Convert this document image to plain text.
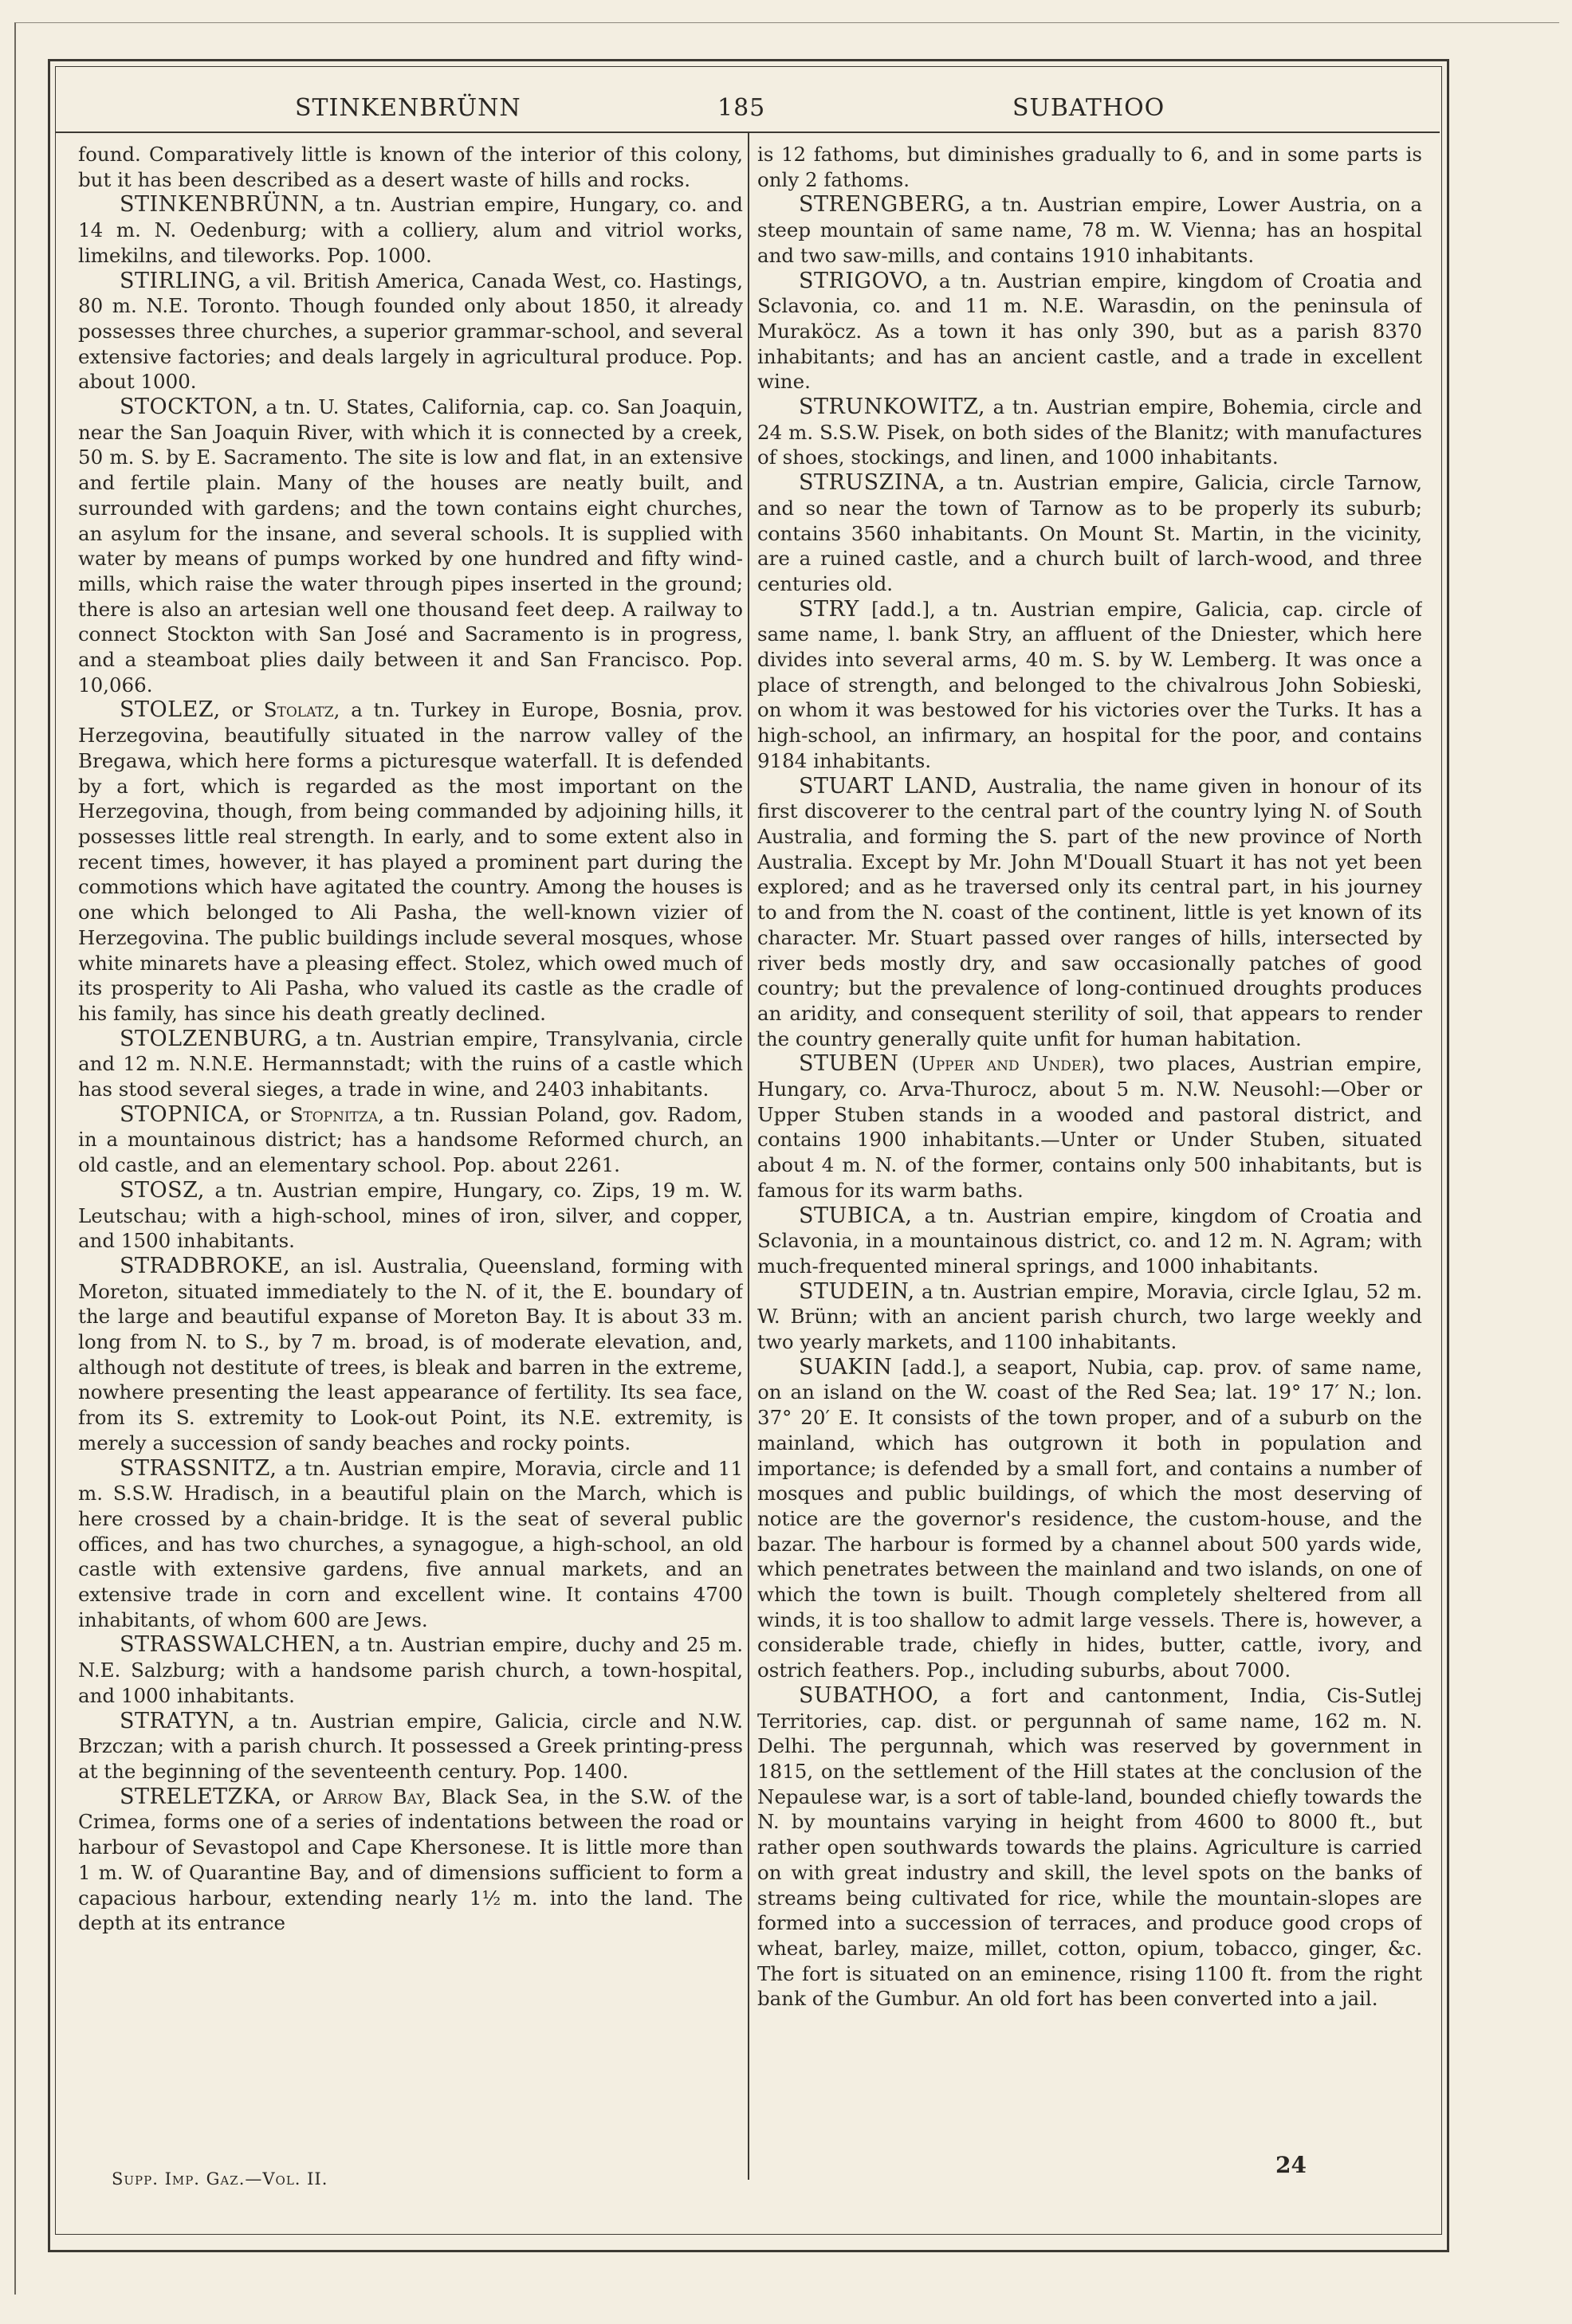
STINKENBRÜNN	185	SUBATHOO

found. Comparatively little is known of the interior of this colony, but it has been described as a desert waste of hills and rocks.

STINKENBRÜNN, a tn. Austrian empire, Hungary, co. and 14 m. N. Oedenburg; with a colliery, alum and vitriol works, limekilns, and tileworks. Pop. 1000.

STIRLING, a vil. British America, Canada West, co. Hastings, 80 m. N.E. Toronto. Though founded only about 1850, it already possesses three churches, a superior grammar-school, and several extensive factories; and deals largely in agricultural produce. Pop. about 1000.

STOCKTON, a tn. U. States, California, cap. co. San Joaquin, near the San Joaquin River, with which it is connected by a creek, 50 m. S. by E. Sacramento. The site is low and flat, in an extensive and fertile plain. Many of the houses are neatly built, and surrounded with gardens; and the town contains eight churches, an asylum for the insane, and several schools. It is supplied with water by means of pumps worked by one hundred and fifty wind-mills, which raise the water through pipes inserted in the ground; there is also an artesian well one thousand feet deep. A railway to connect Stockton with San José and Sacramento is in progress, and a steamboat plies daily between it and San Francisco. Pop. 10,066.

STOLEZ, or Stolatz, a tn. Turkey in Europe, Bosnia, prov. Herzegovina, beautifully situated in the narrow valley of the Bregawa, which here forms a picturesque waterfall. It is defended by a fort, which is regarded as the most important on the Herzegovina, though, from being commanded by adjoining hills, it possesses little real strength. In early, and to some extent also in recent times, however, it has played a prominent part during the commotions which have agitated the country. Among the houses is one which belonged to Ali Pasha, the well-known vizier of Herzegovina. The public buildings include several mosques, whose white minarets have a pleasing effect. Stolez, which owed much of its prosperity to Ali Pasha, who valued its castle as the cradle of his family, has since his death greatly declined.

STOLZENBURG, a tn. Austrian empire, Transylvania, circle and 12 m. N.N.E. Hermannstadt; with the ruins of a castle which has stood several sieges, a trade in wine, and 2403 inhabitants.

STOPNICA, or Stopnitza, a tn. Russian Poland, gov. Radom, in a mountainous district; has a handsome Reformed church, an old castle, and an elementary school. Pop. about 2261.

STOSZ, a tn. Austrian empire, Hungary, co. Zips, 19 m. W. Leutschau; with a high-school, mines of iron, silver, and copper, and 1500 inhabitants.

STRADBROKE, an isl. Australia, Queensland, forming with Moreton, situated immediately to the N. of it, the E. boundary of the large and beautiful expanse of Moreton Bay. It is about 33 m. long from N. to S., by 7 m. broad, is of moderate elevation, and, although not destitute of trees, is bleak and barren in the extreme, nowhere presenting the least appearance of fertility. Its sea face, from its S. extremity to Look-out Point, its N.E. extremity, is merely a succession of sandy beaches and rocky points.

STRASSNITZ, a tn. Austrian empire, Moravia, circle and 11 m. S.S.W. Hradisch, in a beautiful plain on the March, which is here crossed by a chain-bridge. It is the seat of several public offices, and has two churches, a synagogue, a high-school, an old castle with extensive gardens, five annual markets, and an extensive trade in corn and excellent wine. It contains 4700 inhabitants, of whom 600 are Jews.

STRASSWALCHEN, a tn. Austrian empire, duchy and 25 m. N.E. Salzburg; with a handsome parish church, a town-hospital, and 1000 inhabitants.

STRATYN, a tn. Austrian empire, Galicia, circle and N.W. Brzczan; with a parish church. It possessed a Greek printing-press at the beginning of the seventeenth century. Pop. 1400.

STRELETZKA, or Arrow Bay, Black Sea, in the S.W. of the Crimea, forms one of a series of indentations between the road or harbour of Sevastopol and Cape Khersonese. It is little more than 1 m. W. of Quarantine Bay, and of dimensions sufficient to form a capacious harbour, extending nearly 1½ m. into the land. The depth at its entrance

is 12 fathoms, but diminishes gradually to 6, and in some parts is only 2 fathoms.

STRENGBERG, a tn. Austrian empire, Lower Austria, on a steep mountain of same name, 78 m. W. Vienna; has an hospital and two saw-mills, and contains 1910 inhabitants.

STRIGOVO, a tn. Austrian empire, kingdom of Croatia and Sclavonia, co. and 11 m. N.E. Warasdin, on the peninsula of Muraköcz. As a town it has only 390, but as a parish 8370 inhabitants; and has an ancient castle, and a trade in excellent wine.

STRUNKOWITZ, a tn. Austrian empire, Bohemia, circle and 24 m. S.S.W. Pisek, on both sides of the Blanitz; with manufactures of shoes, stockings, and linen, and 1000 inhabitants.

STRUSZINA, a tn. Austrian empire, Galicia, circle Tarnow, and so near the town of Tarnow as to be properly its suburb; contains 3560 inhabitants. On Mount St. Martin, in the vicinity, are a ruined castle, and a church built of larch-wood, and three centuries old.

STRY [add.], a tn. Austrian empire, Galicia, cap. circle of same name, l. bank Stry, an affluent of the Dniester, which here divides into several arms, 40 m. S. by W. Lemberg. It was once a place of strength, and belonged to the chivalrous John Sobieski, on whom it was bestowed for his victories over the Turks. It has a high-school, an infirmary, an hospital for the poor, and contains 9184 inhabitants.

STUART LAND, Australia, the name given in honour of its first discoverer to the central part of the country lying N. of South Australia, and forming the S. part of the new province of North Australia. Except by Mr. John M'Douall Stuart it has not yet been explored; and as he traversed only its central part, in his journey to and from the N. coast of the continent, little is yet known of its character. Mr. Stuart passed over ranges of hills, intersected by river beds mostly dry, and saw occasionally patches of good country; but the prevalence of long-continued droughts produces an aridity, and consequent sterility of soil, that appears to render the country generally quite unfit for human habitation.

STUBEN (Upper and Under), two places, Austrian empire, Hungary, co. Arva-Thurocz, about 5 m. N.W. Neusohl:—Ober or Upper Stuben stands in a wooded and pastoral district, and contains 1900 inhabitants.—Unter or Under Stuben, situated about 4 m. N. of the former, contains only 500 inhabitants, but is famous for its warm baths.

STUBICA, a tn. Austrian empire, kingdom of Croatia and Sclavonia, in a mountainous district, co. and 12 m. N. Agram; with much-frequented mineral springs, and 1000 inhabitants.

STUDEIN, a tn. Austrian empire, Moravia, circle Iglau, 52 m. W. Brünn; with an ancient parish church, two large weekly and two yearly markets, and 1100 inhabitants.

SUAKIN [add.], a seaport, Nubia, cap. prov. of same name, on an island on the W. coast of the Red Sea; lat. 19° 17′ N.; lon. 37° 20′ E. It consists of the town proper, and of a suburb on the mainland, which has outgrown it both in population and importance; is defended by a small fort, and contains a number of mosques and public buildings, of which the most deserving of notice are the governor's residence, the custom-house, and the bazar. The harbour is formed by a channel about 500 yards wide, which penetrates between the mainland and two islands, on one of which the town is built. Though completely sheltered from all winds, it is too shallow to admit large vessels. There is, however, a considerable trade, chiefly in hides, butter, cattle, ivory, and ostrich feathers. Pop., including suburbs, about 7000.

SUBATHOO, a fort and cantonment, India, Cis-Sutlej Territories, cap. dist. or pergunnah of same name, 162 m. N. Delhi. The pergunnah, which was reserved by government in 1815, on the settlement of the Hill states at the conclusion of the Nepaulese war, is a sort of table-land, bounded chiefly towards the N. by mountains varying in height from 4600 to 8000 ft., but rather open southwards towards the plains. Agriculture is carried on with great industry and skill, the level spots on the banks of streams being cultivated for rice, while the mountain-slopes are formed into a succession of terraces, and produce good crops of wheat, barley, maize, millet, cotton, opium, tobacco, ginger, &c. The fort is situated on an eminence, rising 1100 ft. from the right bank of the Gumbur. An old fort has been converted into a jail.

Supp. Imp. Gaz.—Vol. II.
24
